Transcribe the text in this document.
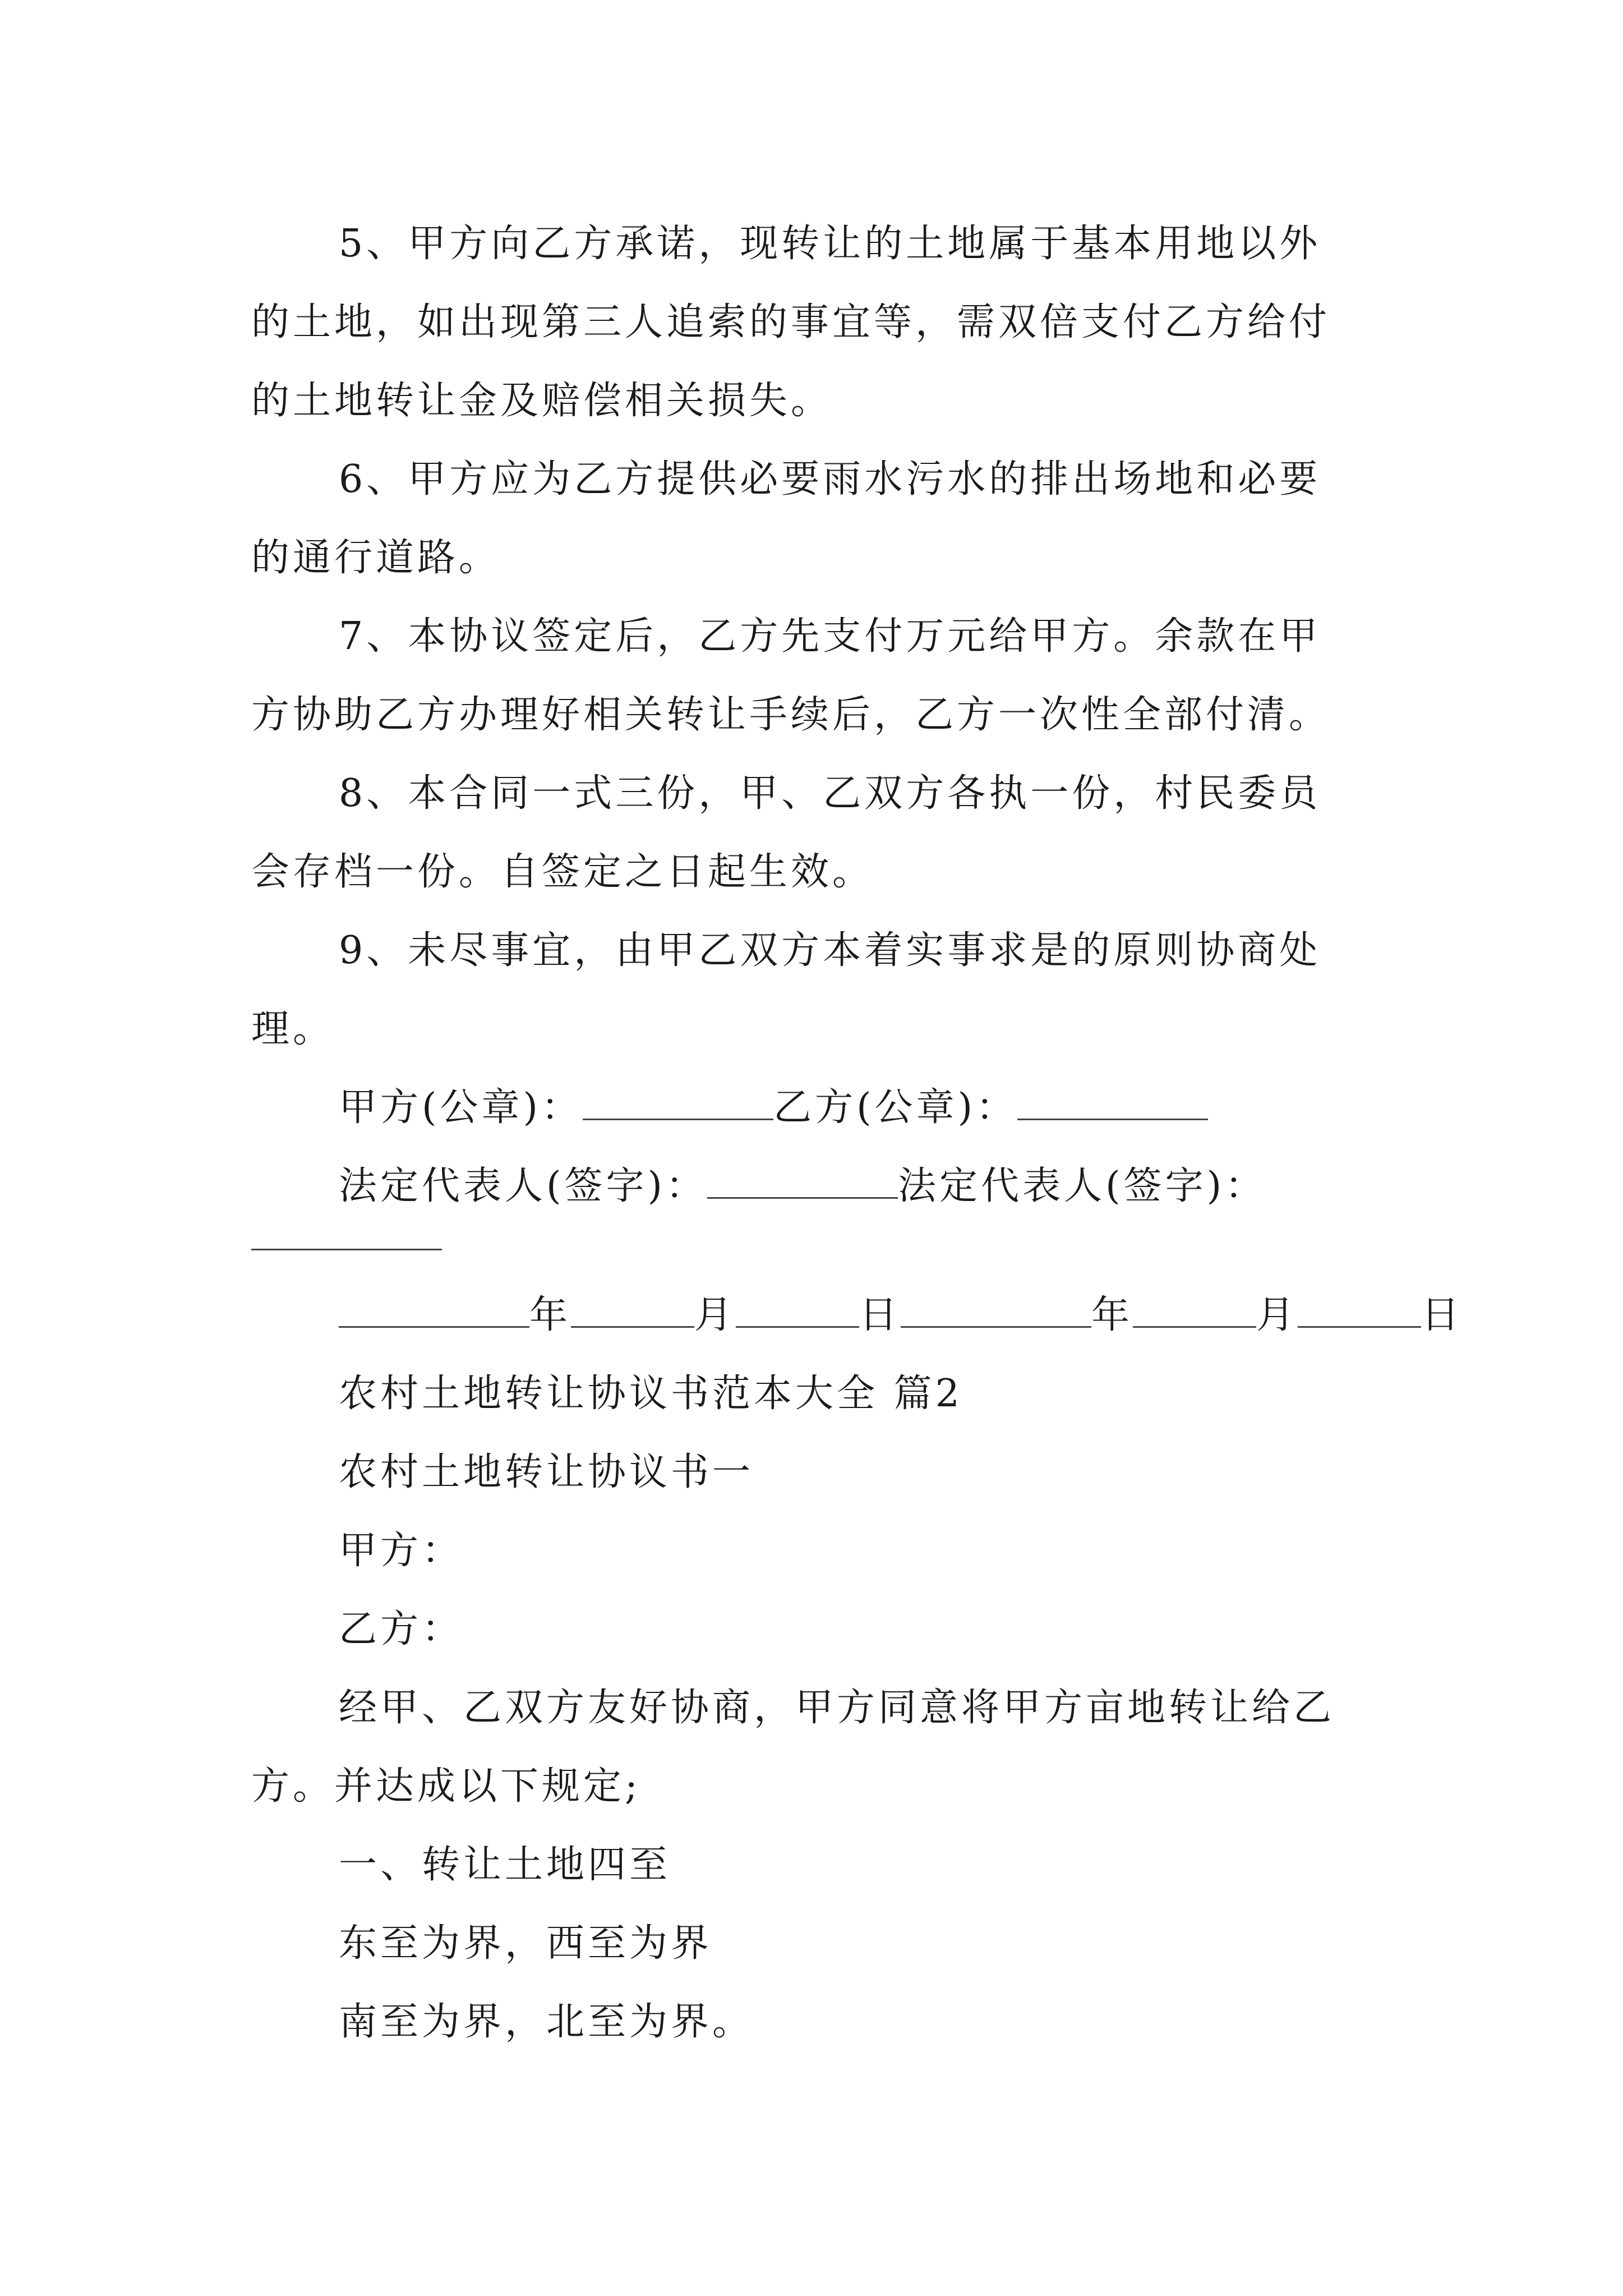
5、甲方向乙方承诺，现转让的土地属于基本用地以外
的土地，如出现第三人追索的事宜等，需双倍支付乙方给付
的土地转让金及赔偿相关损失。
6、甲方应为乙方提供必要雨水污水的排出场地和必要
的通行道路。
7、本协议签定后，乙方先支付万元给甲方。余款在甲
方协助乙方办理好相关转让手续后，乙方一次性全部付清。
8、本合同一式三份，甲、乙双方各执一份，村民委员
会存档一份。自签定之日起生效。
9、未尽事宜，由甲乙双方本着实事求是的原则协商处
理。
甲方(公章)：	乙方(公章)：
法定代表人(签字)：	法定代表人(签字)：
年	月	日	年	月	日
农村土地转让协议书范本大全 篇2
农村土地转让协议书一
甲方：
乙方：
经甲、乙双方友好协商，甲方同意将甲方亩地转让给乙
方。并达成以下规定;
一、转让土地四至
东至为界，西至为界
南至为界，北至为界。
